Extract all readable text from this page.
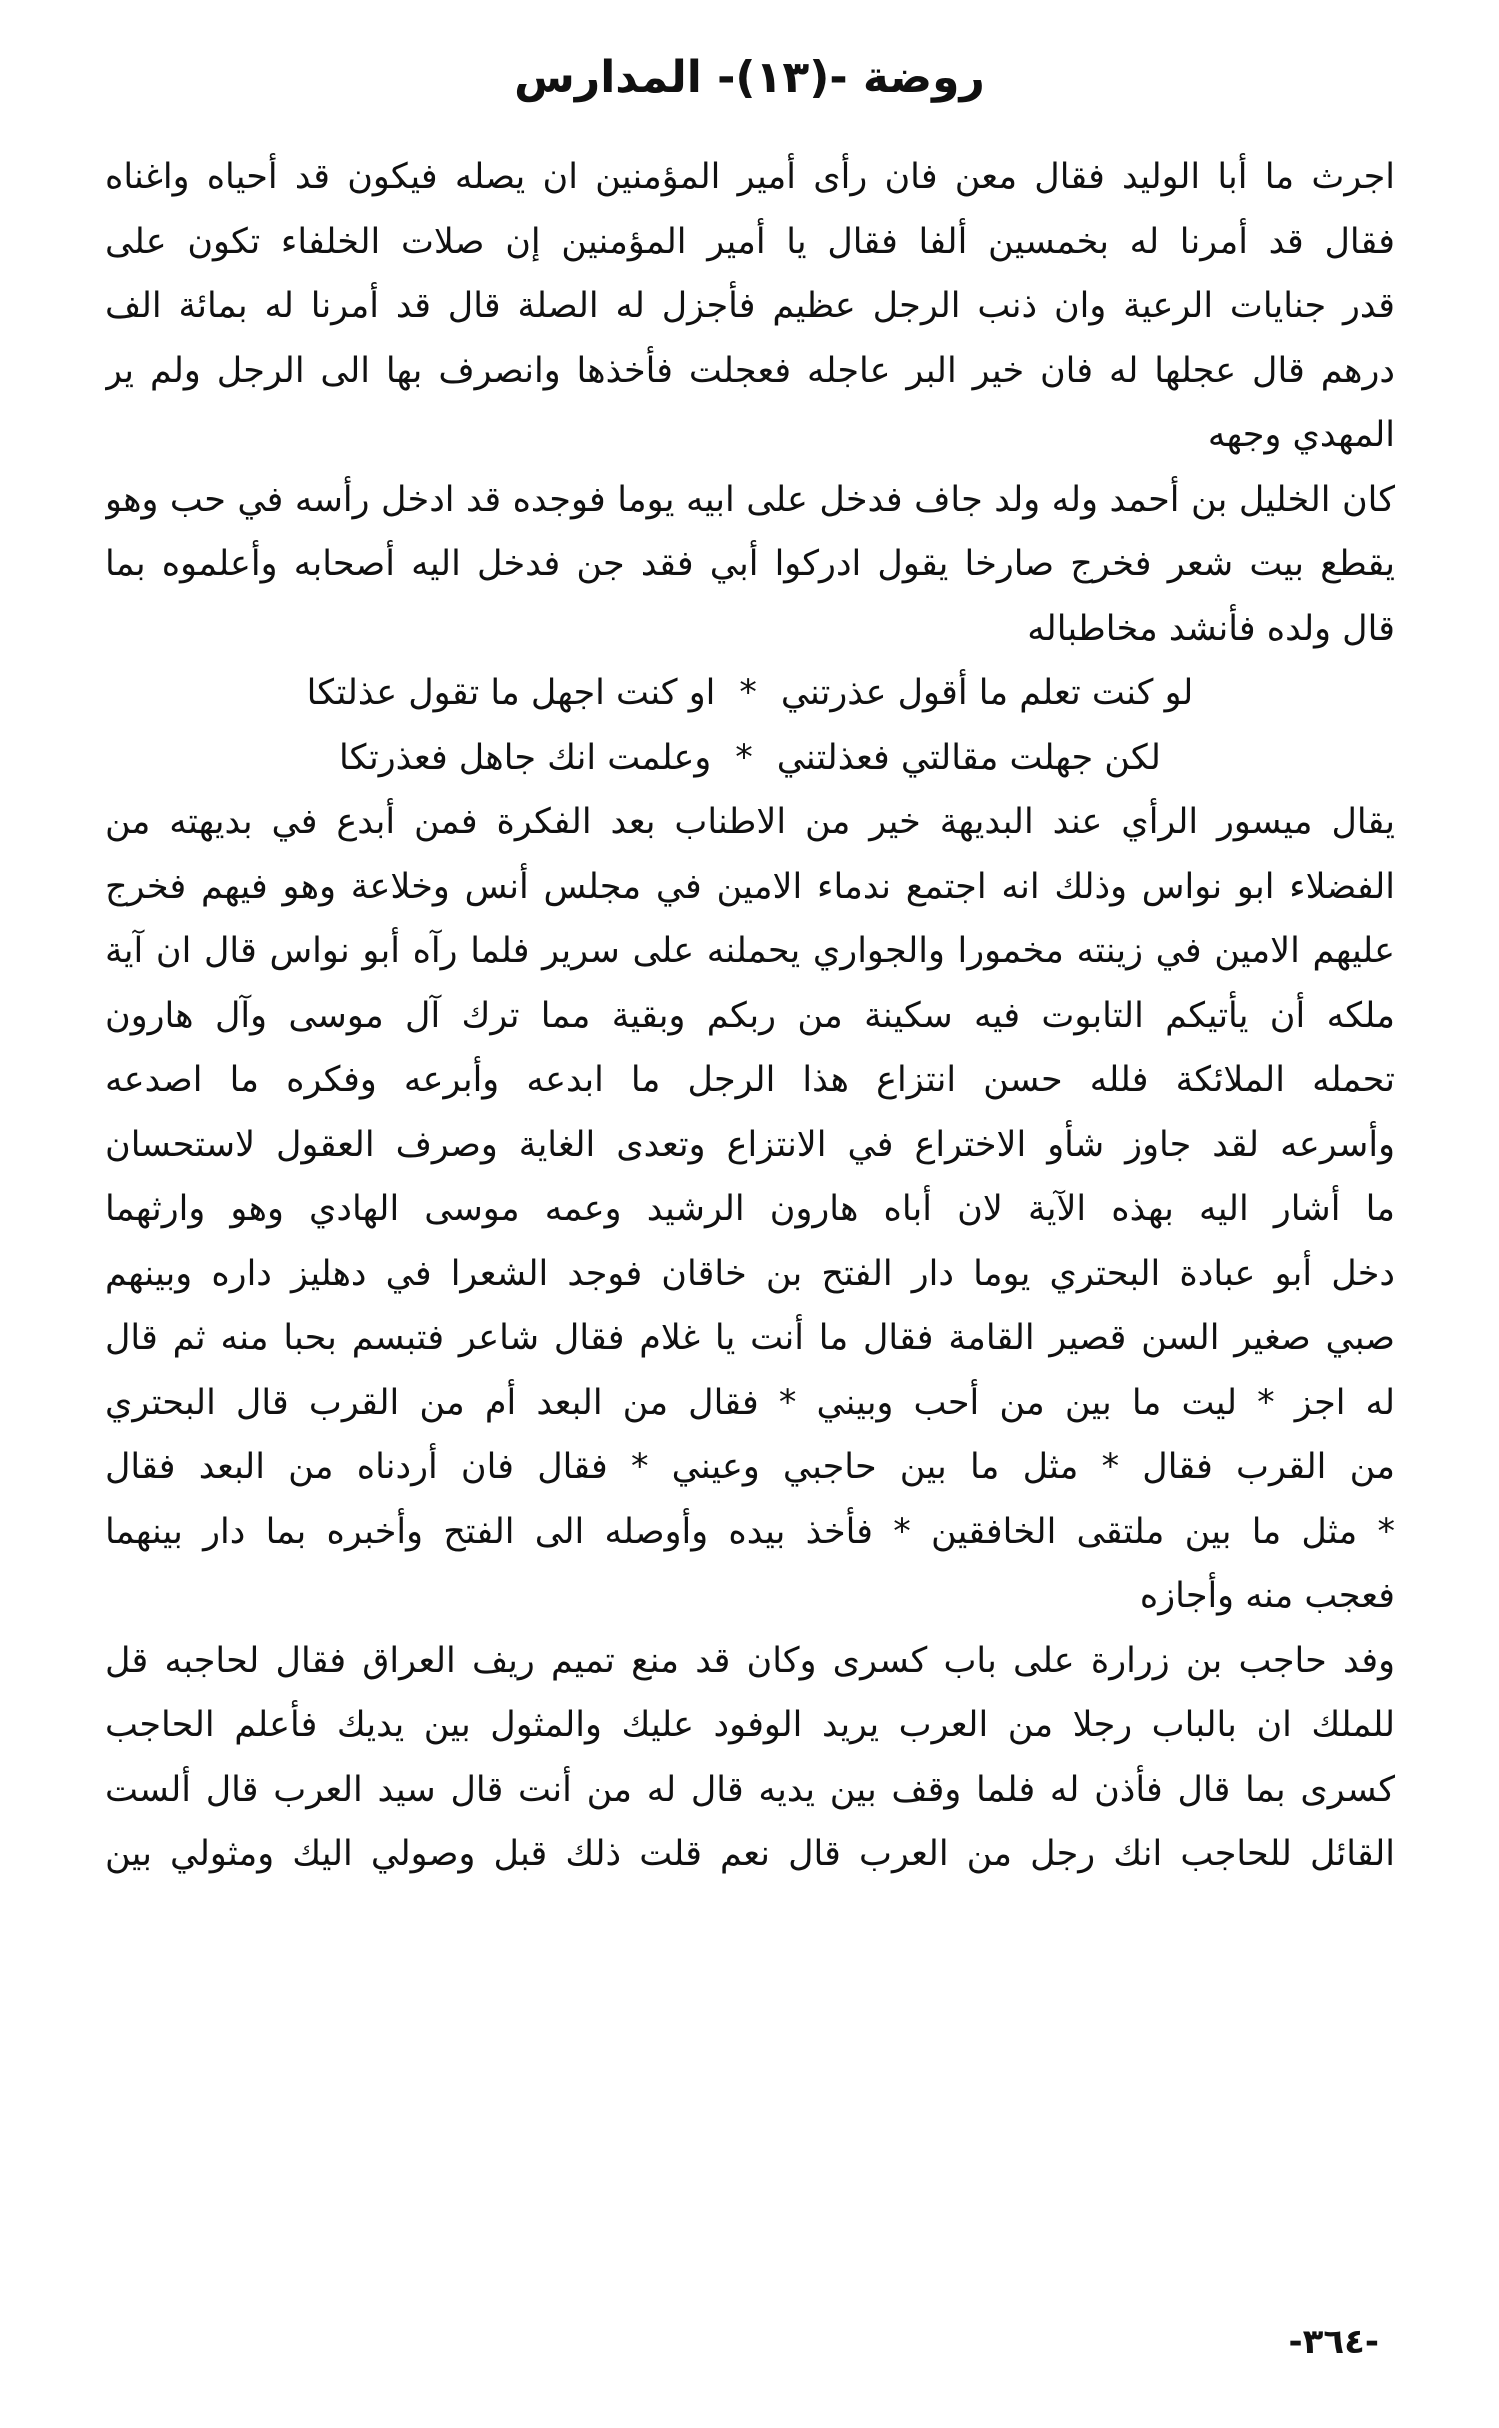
روضة -(١٣)- المدارس
اجرث ما أبا الوليد فقال معن فان رأى أمير المؤمنين ان يصله فيكون قد أحياه واغناه
فقال قد أمرنا له بخمسين ألفا فقال يا أمير المؤمنين إن صلات الخلفاء تكون على
قدر جنايات الرعية وان ذنب الرجل عظيم فأجزل له الصلة قال قد أمرنا له بمائة الف
درهم قال عجلها له فان خير البر عاجله فعجلت فأخذها وانصرف بها الى الرجل ولم ير
المهدي وجهه
كان الخليل بن أحمد وله ولد جاف فدخل على ابيه يوما فوجده قد ادخل رأسه في حب وهو
يقطع بيت شعر فخرج صارخا يقول ادركوا أبي فقد جن فدخل اليه أصحابه وأعلموه بما
قال ولده فأنشد مخاطباله
لو كنت تعلم ما أقول عذرتني*او كنت اجهل ما تقول عذلتكا
لكن جهلت مقالتي فعذلتني*وعلمت انك جاهل فعذرتكا
يقال ميسور الرأي عند البديهة خير من الاطناب بعد الفكرة فمن أبدع في بديهته من
الفضلاء ابو نواس وذلك انه اجتمع ندماء الامين في مجلس أنس وخلاعة وهو فيهم فخرج
عليهم الامين في زينته مخمورا والجواري يحملنه على سرير فلما رآه أبو نواس قال ان آية
ملكه أن يأتيكم التابوت فيه سكينة من ربكم وبقية مما ترك آل موسى وآل هارون
تحمله الملائكة فلله حسن انتزاع هذا الرجل ما ابدعه وأبرعه وفكره ما اصدعه
وأسرعه لقد جاوز شأو الاختراع في الانتزاع وتعدى الغاية وصرف العقول لاستحسان
ما أشار اليه بهذه الآية لان أباه هارون الرشيد وعمه موسى الهادي وهو وارثهما
دخل أبو عبادة البحتري يوما دار الفتح بن خاقان فوجد الشعرا في دهليز داره وبينهم
صبي صغير السن قصير القامة فقال ما أنت يا غلام فقال شاعر فتبسم بحبا منه ثم قال
له اجز * ليت ما بين من أحب وبيني * فقال من البعد أم من القرب قال البحتري
من القرب فقال * مثل ما بين حاجبي وعيني * فقال فان أردناه من البعد فقال
* مثل ما بين ملتقى الخافقين * فأخذ بيده وأوصله الى الفتح وأخبره بما دار بينهما
فعجب منه وأجازه
وفد حاجب بن زرارة على باب كسرى وكان قد منع تميم ريف العراق فقال لحاجبه قل
للملك ان بالباب رجلا من العرب يريد الوفود عليك والمثول بين يديك فأعلم الحاجب
كسرى بما قال فأذن له فلما وقف بين يديه قال له من أنت قال سيد العرب قال ألست
القائل للحاجب انك رجل من العرب قال نعم قلت ذلك قبل وصولي اليك ومثولي بين
-٣٦٤-
